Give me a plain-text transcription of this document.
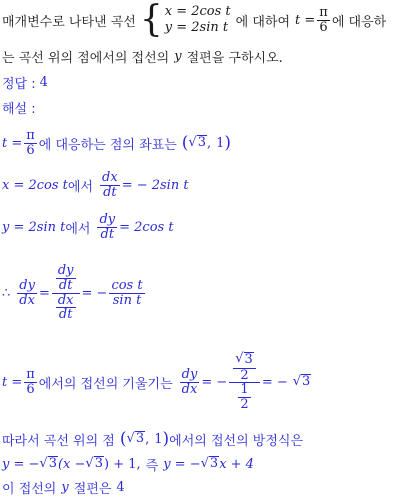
매개변수로 나타낸 곡선 { x = 2cos t
y = 2sin t 에 대하여 $t = \frac{\pi}{6}$ 에 대응하
는 곡선 위의 점에서의 접선의 y 절편을 구하시오.
정답 : 4
해설 :
$t = \frac{\pi}{6}$ 에 대응하는 점의 좌표는 ( √ 3 , 1 )
x = 2cos t 에서 $\frac{dx}{dt}$ = − 2sin t
y = 2sin t 에서 $\frac{dy}{dt} = 2\cos$ t
∴ $\frac{dy}{dx} = \frac{\frac{dy}{dt}}{\frac{dx}{dt}}$ = − $\frac{\text{cos t}}{\text{sin t}}$
$t = \frac{\pi}{6}$ 에서의 접선의 기울기는 $\frac{dy}{dx}$ = − $\frac{\frac{√ 3}{2}}{\frac{1}{2}}$ = − √ 3
따라서 곡선 위의 점 ( √ 3 , 1 ) 에서의 접선의 방정식은
y = − √ 3 (x − √ 3 ) + 1, 즉 y = − √ 3 x + 4
이 접선의 y 절편은 4
